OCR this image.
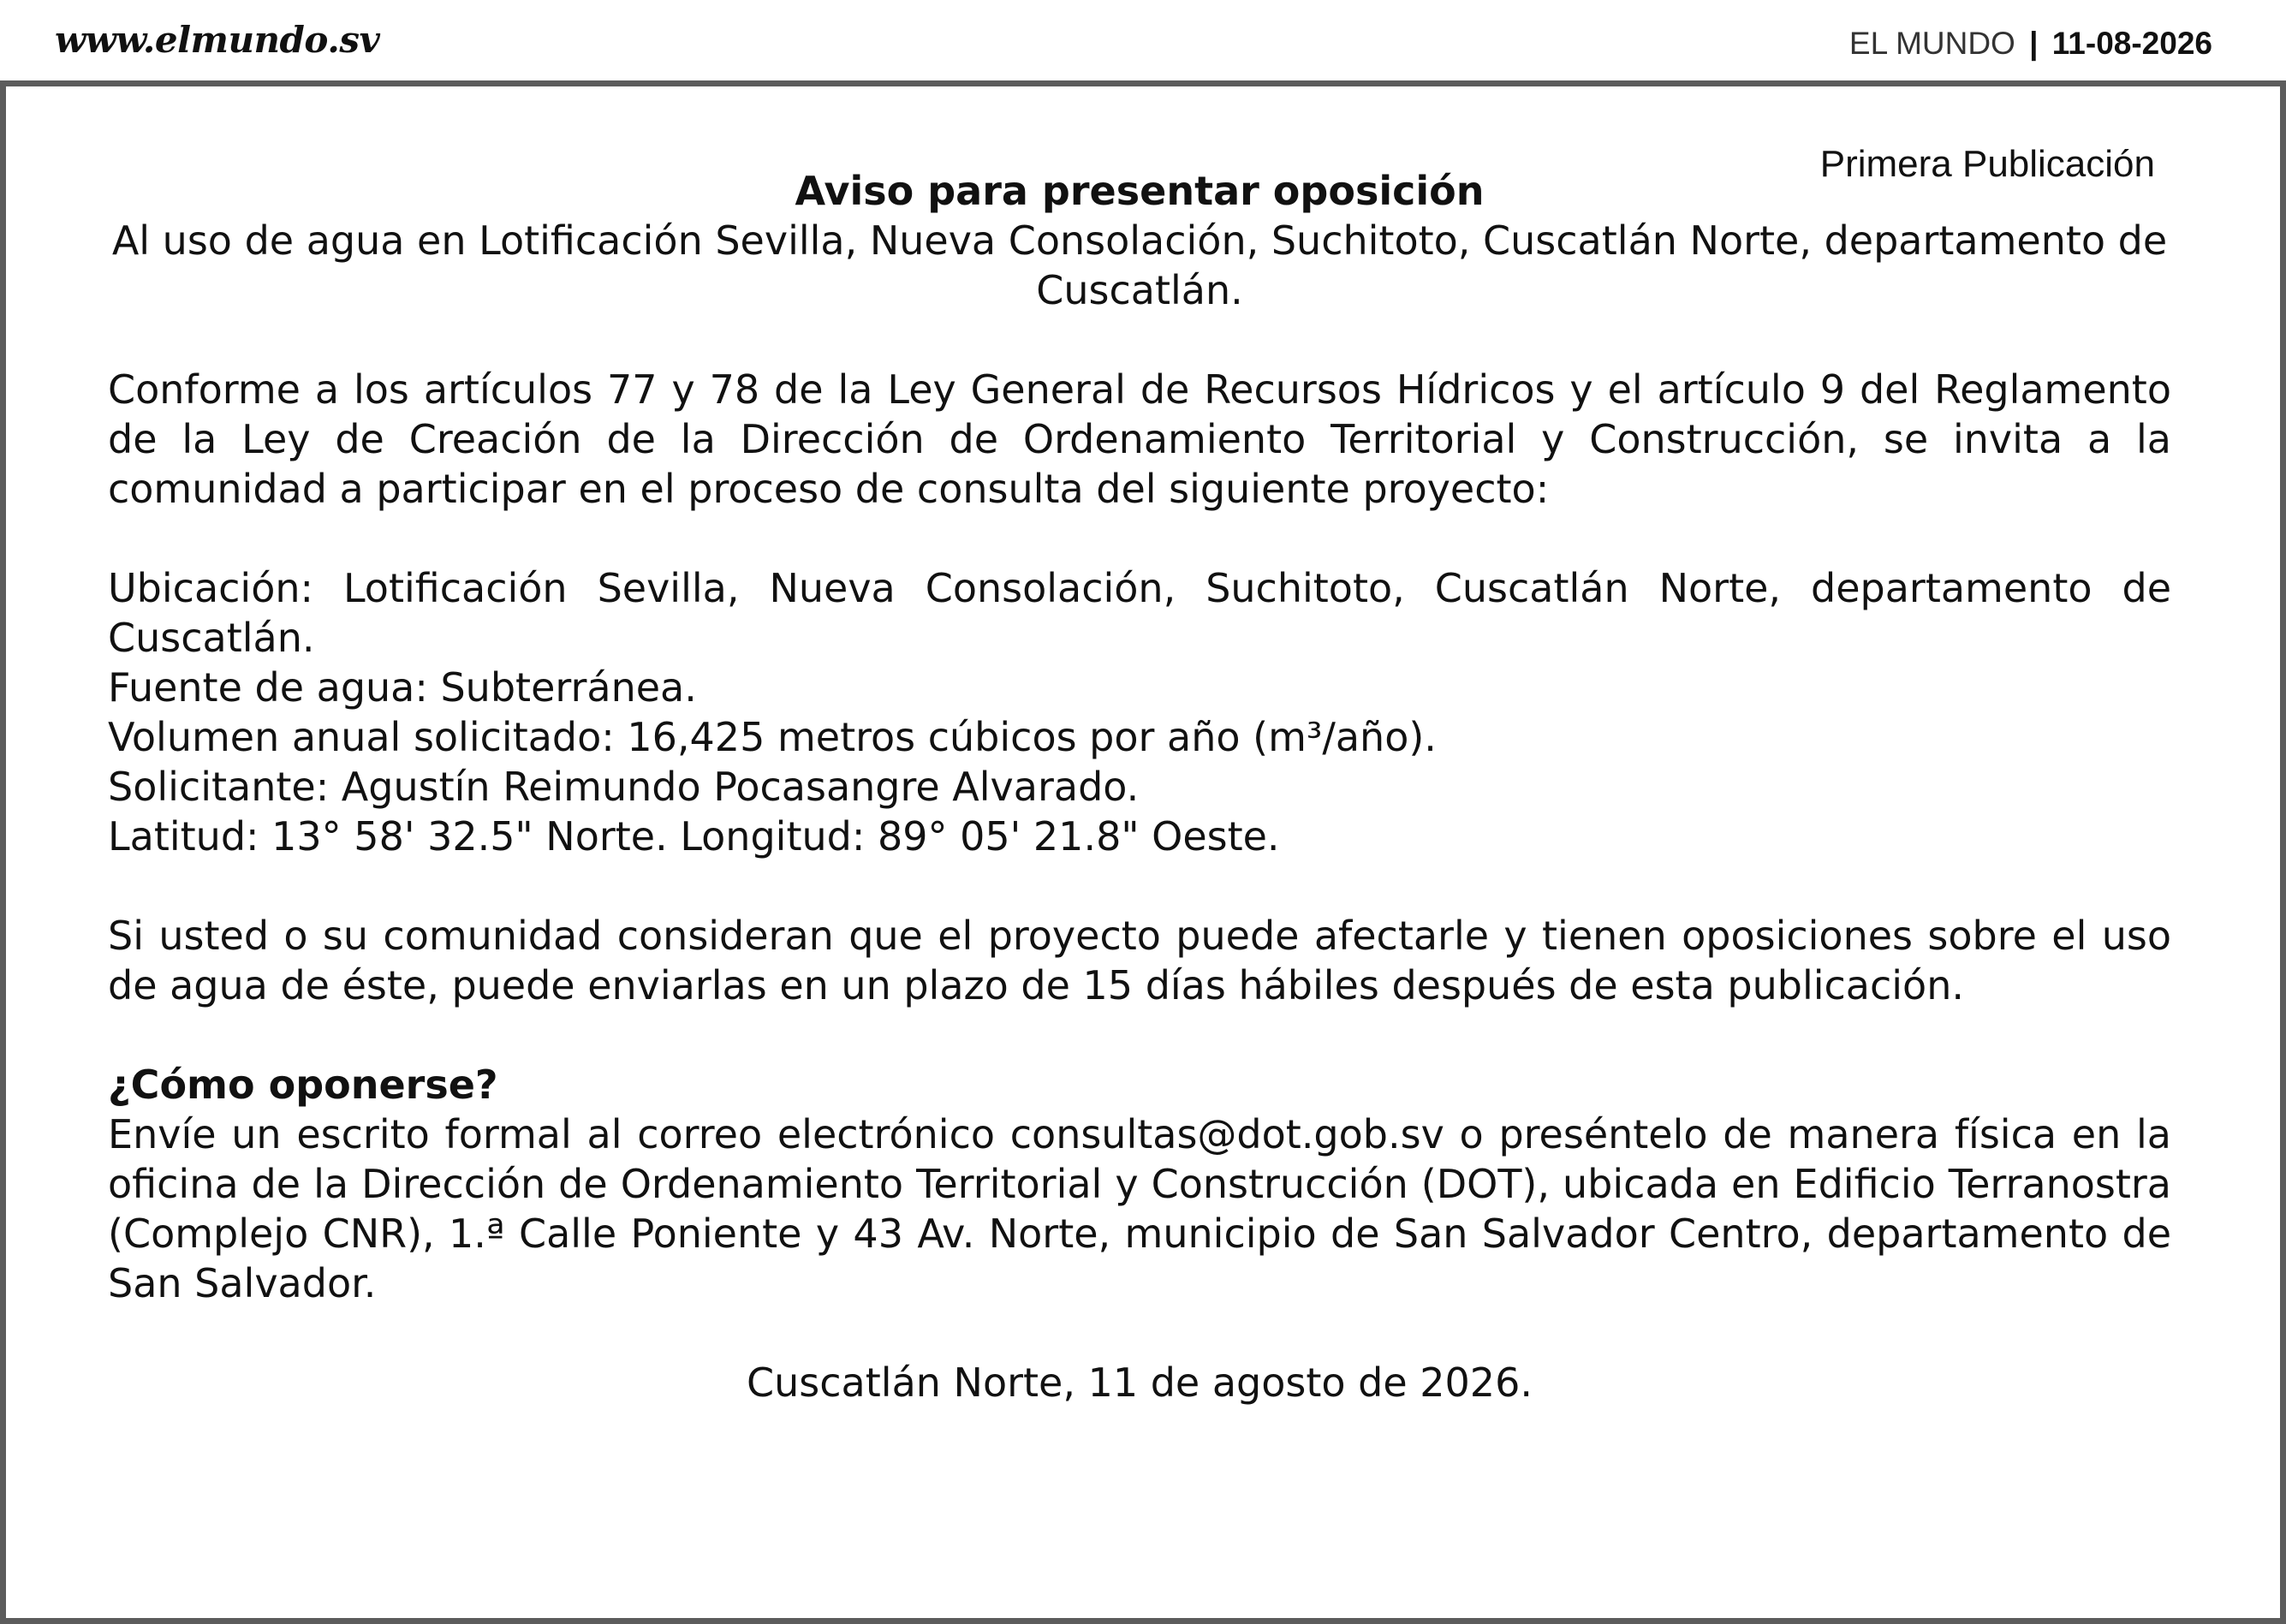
www.elmundo.sv	EL MUNDO | 11-08-2026
Primera Publicación

Aviso para presentar oposición

Al uso de agua en Lotificación Sevilla, Nueva Consolación, Suchitoto, Cuscatlán Norte, departamento de Cuscatlán.

Conforme a los artículos 77 y 78 de la Ley General de Recursos Hídricos y el artículo 9 del Reglamento de la Ley de Creación de la Dirección de Ordenamiento Territorial y Construcción, se invita a la comunidad a participar en el proceso de consulta del siguiente proyecto:

Ubicación: Lotificación Sevilla, Nueva Consolación, Suchitoto, Cuscatlán Norte, departamento de Cuscatlán.

Fuente de agua: Subterránea.

Volumen anual solicitado: 16,425 metros cúbicos por año (m³/año).

Solicitante: Agustín Reimundo Pocasangre Alvarado.

Latitud: 13° 58' 32.5" Norte. Longitud: 89° 05' 21.8" Oeste.

Si usted o su comunidad consideran que el proyecto puede afectarle y tienen oposiciones sobre el uso de agua de éste, puede enviarlas en un plazo de 15 días hábiles después de esta publicación.

¿Cómo oponerse?

Envíe un escrito formal al correo electrónico consultas@dot.gob.sv o preséntelo de manera física en la oficina de la Dirección de Ordenamiento Territorial y Construcción (DOT), ubicada en Edificio Terranostra (Complejo CNR), 1.ª Calle Poniente y 43 Av. Norte, municipio de San Salvador Centro, departamento de San Salvador.

Cuscatlán Norte, 11 de agosto de 2026.
